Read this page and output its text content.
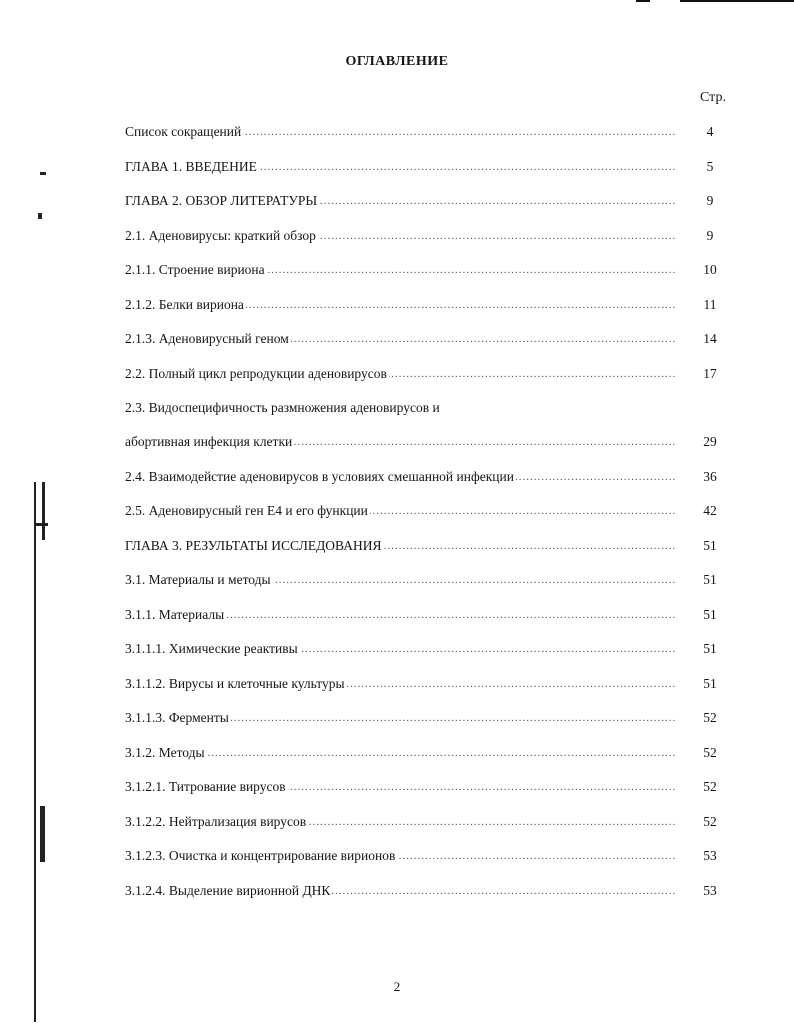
ОГЛАВЛЕНИЕ
Стр.
.....
Список сокращений	4
.....
ГЛАВА 1. ВВЕДЕНИЕ	5
.....
ГЛАВА 2. ОБЗОР ЛИТЕРАТУРЫ	9
.....
2.1. Аденовирусы: краткий обзор	9
.....
2.1.1. Строение вириона	10
.....
2.1.2. Белки вириона	11
.....
2.1.3. Аденовирусный геном	14
.....
2.2. Полный цикл репродукции аденовирусов	17
2.3. Видоспецифичность размножения аденовирусов и
.....
абортивная инфекция клетки	29
.....
2.4. Взаимодейстие аденовирусов в условиях смешанной инфекции	36
.....
2.5. Аденовирусный ген Е4 и его функции	42
.....
ГЛАВА 3. РЕЗУЛЬТАТЫ ИССЛЕДОВАНИЯ	51
.....
3.1. Материалы и методы	51
.....
3.1.1. Материалы	51
.....
3.1.1.1. Химические реактивы	51
.....
3.1.1.2. Вирусы и клеточные культуры	51
.....
3.1.1.3. Ферменты	52
.....
3.1.2. Методы	52
.....
3.1.2.1. Титрование вирусов	52
.....
3.1.2.2. Нейтрализация вирусов	52
.....
3.1.2.3. Очистка и концентрирование вирионов	53
.....
3.1.2.4. Выделение вирионной ДНК	53
2
